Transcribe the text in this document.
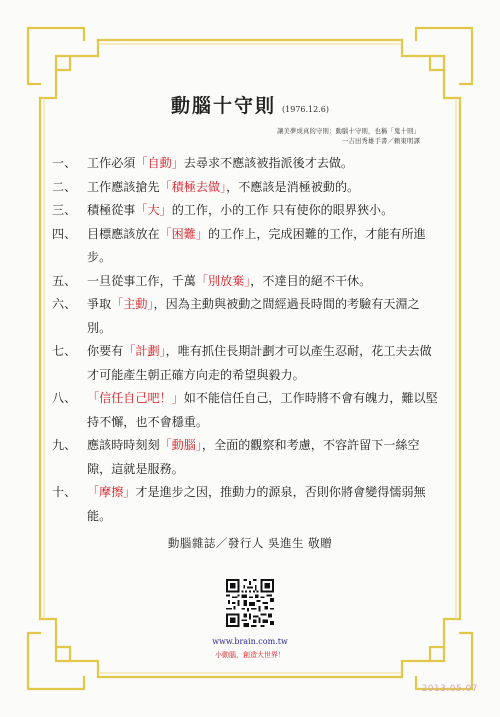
動腦十守則 (1976.12.6)
讓美夢成真的守則：動腦十守則，也稱「鬼十則」
一吉田秀雄手書／賴東明譯
一、 工作必須「自動」去尋求不應該被指派後才去做。
二、 工作應該搶先「積極去做」，不應該是消極被動的。
三、 積極從事「大」的工作，小的工作 只有使你的眼界狹小。
四、 目標應該放在「困難」的工作上，完成困難的工作，才能有所進步。
五、 一旦從事工作，千萬「別放棄」，不達目的絕不干休。
六、 爭取「主動」，因為主動與被動之間經過長時間的考驗有天淵之別。
七、 你要有「計劃」，唯有抓住長期計劃才可以產生忍耐，花工夫去做才可能產生朝正確方向走的希望與毅力。
八、 「信任自己吧！」如不能信任自己，工作時將不會有魄力，難以堅持不懈，也不會穩重。
九、 應該時時刻刻「動腦」，全面的觀察和考慮，不容許留下一絲空隙，這就是服務。
十、 「摩擦」才是進步之因，推動力的源泉，否則你將會變得懦弱無能。
動腦雜誌／發行人 吳進生 敬贈
www.brain.com.tw
小動腦，創造大世界！
2013.05.07
